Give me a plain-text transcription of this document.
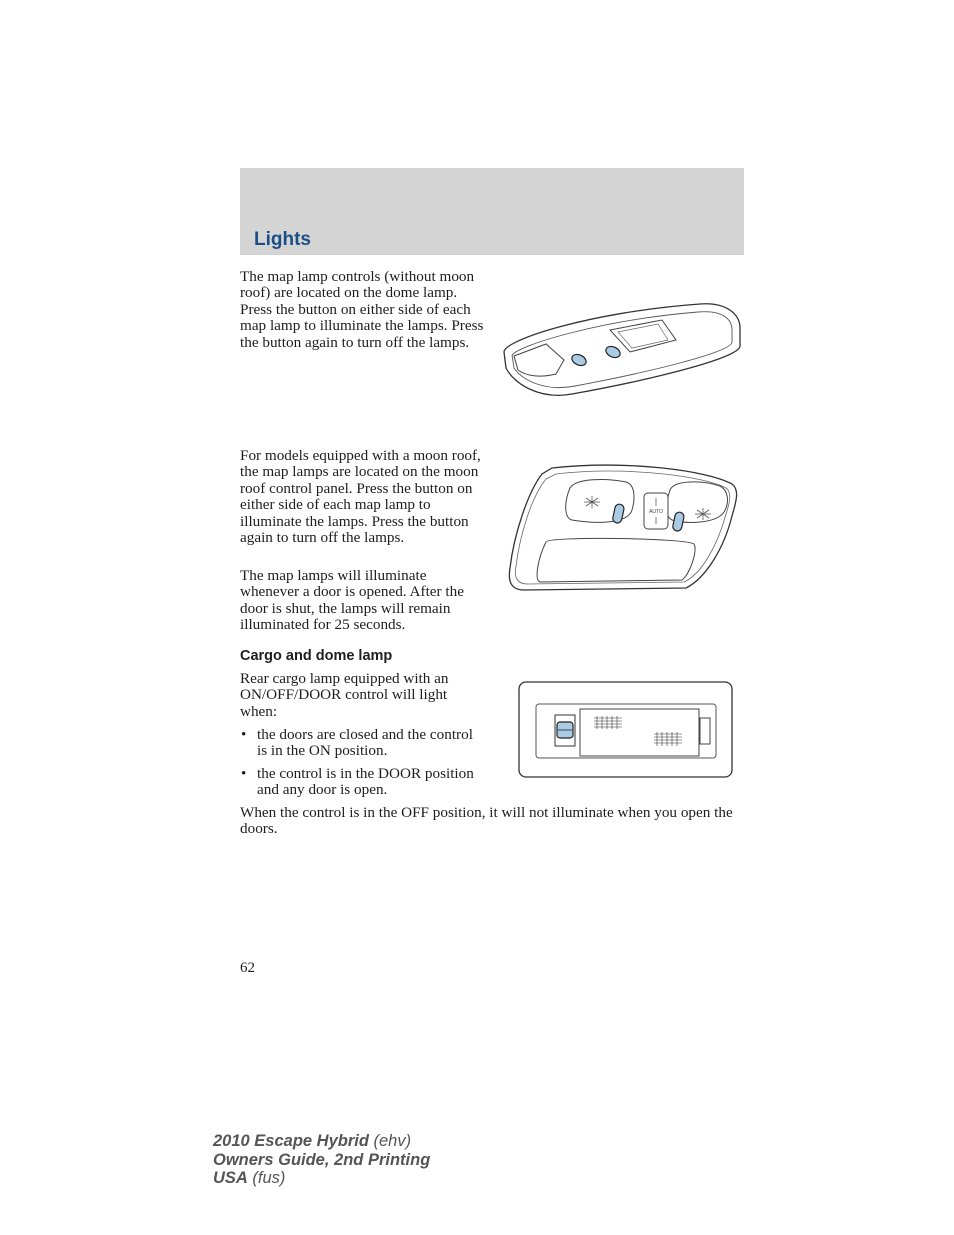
Lights

The map lamp controls (without moon roof) are located on the dome lamp. Press the button on either side of each map lamp to illuminate the lamps. Press the button again to turn off the lamps.

For models equipped with a moon roof, the map lamps are located on the moon roof control panel. Press the button on either side of each map lamp to illuminate the lamps. Press the button again to turn off the lamps.

The map lamps will illuminate whenever a door is opened. After the door is shut, the lamps will remain illuminated for 25 seconds.

AUTO
Cargo and dome lamp

Rear cargo lamp equipped with an ON/OFF/DOOR control will light when:

• the doors are closed and the control is in the ON position.
• the control is in the DOOR position and any door is open.

When the control is in the OFF position, it will not illuminate when you open the doors.

62
2010 Escape Hybrid (ehv)
Owners Guide, 2nd Printing
USA (fus)
